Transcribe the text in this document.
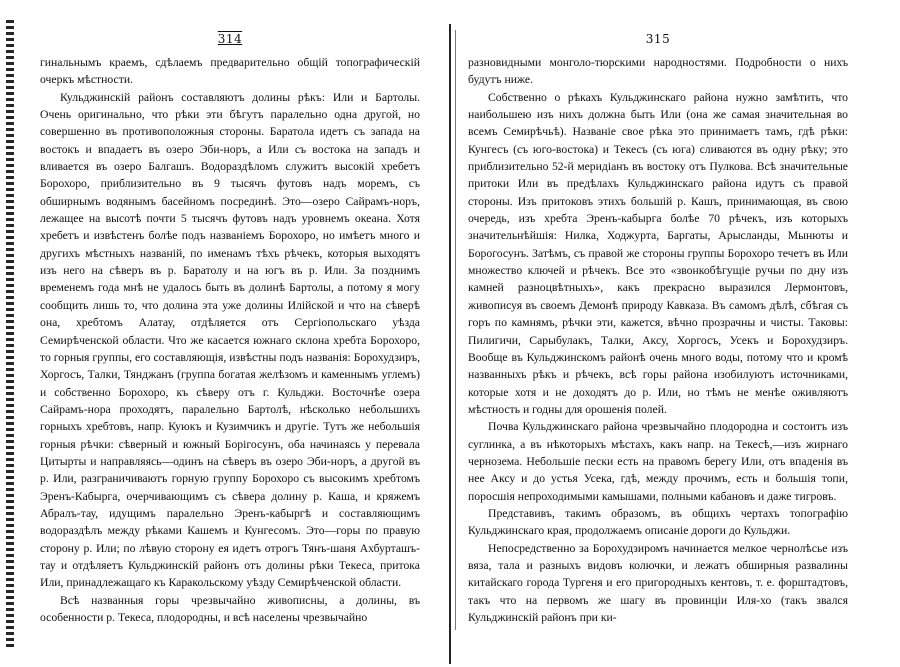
314

гинальнымъ краемъ, сдѣлаемъ предварительно общій топографическій очеркъ мѣстности.

Кульджинскій районъ составляютъ долины рѣкъ: Или и Бартолы. Очень оригинально, что рѣки эти бѣгутъ паралельно одна другой, но совершенно въ противоположныя стороны. Баратола идетъ съ запада на востокъ и впадаетъ въ озеро Эби-норъ, а Или съ востока на западъ и вливается въ озеро Балгашъ. Водораздѣломъ служитъ высокій хребетъ Борохоро, приблизительно въ 9 тысячъ футовъ надъ моремъ, съ обширнымъ водянымъ басейномъ посрединѣ. Это—озеро Сайрамъ-норъ, лежащее на высотѣ почти 5 тысячъ футовъ надъ уровнемъ океана. Хотя хребетъ и извѣстенъ болѣе подъ названіемъ Борохоро, но имѣетъ много и другихъ мѣстныхъ названій, по именамъ тѣхъ рѣчекъ, которыя выходятъ изъ него на сѣверъ въ р. Баратолу и на югъ въ р. Или. За позднимъ временемъ года мнѣ не удалось быть въ долинѣ Бартолы, а потому я могу сообщить лишь то, что долина эта уже долины Илійской и что на сѣверѣ она, хребтомъ Алатау, отдѣляется отъ Сергіопольскаго уѣзда Семирѣченской области. Что же касается южнаго склона хребта Борохоро, то горныя группы, его составляющія, извѣстны подъ названія: Борохудзиръ, Хоргосъ, Талки, Тянджанъ (группа богатая желѣзомъ и каменнымъ углемъ) и собственно Борохоро, къ сѣверу отъ г. Кульджи. Восточнѣе озера Сайрамъ-нора проходятъ, паралельно Бартолѣ, нѣсколько небольшихъ горныхъ хребтовъ, напр. Куюкъ и Кузимчикъ и другіе. Тутъ же небольшія горныя рѣчки: сѣверный и южный Борігосунъ, оба начинаясь у перевала Цитырты и направляясь—одинъ на сѣверъ въ озеро Эби-норъ, а другой въ р. Или, разграничиваютъ горную группу Борохоро съ высокимъ хребтомъ Эренъ-Кабырга, очерчивающимъ съ сѣвера долину р. Каша, и кряжемъ Абралъ-тау, идущимъ паралельно Эренъ-кабыргѣ и составляющимъ водораздѣлъ между рѣками Кашемъ и Кунгесомъ. Это—горы по правую сторону р. Или; по лѣвую сторону ея идетъ отрогъ Тянъ-шаня Ахбурташъ-тау и отдѣляетъ Кульджинскій районъ отъ долины рѣки Текеса, притока Или, принадлежащаго къ Каракольскому уѣзду Семирѣченской области.

Всѣ названныя горы чрезвычайно живописны, а долины, въ особенности р. Текеса, плодородны, и всѣ населены чрезвычайно

315

разновидными монголо-тюрскими народностями. Подробности о нихъ будутъ ниже.

Собственно о рѣкахъ Кульджинскаго района нужно замѣтить, что наибольшею изъ нихъ должна быть Или (она же самая значительная во всемъ Семирѣчьѣ). Названіе свое рѣка это принимаетъ тамъ, гдѣ рѣки: Кунгесъ (съ юго-востока) и Текесъ (съ юга) сливаются въ одну рѣку; это приблизительно 52-й меридіанъ въ востоку отъ Пулкова. Всѣ значительные притоки Или въ предѣлахъ Кульджинскаго района идутъ съ правой стороны. Изъ притоковъ этихъ большій р. Кашъ, принимающая, въ свою очередь, изъ хребта Эренъ-кабырга болѣе 70 рѣчекъ, изъ которыхъ значительнѣйшія: Нилка, Ходжурта, Баргаты, Арысланды, Мынюты и Борогосунъ. Затѣмъ, съ правой же стороны группы Борохоро течетъ въ Или множество ключей и рѣчекъ. Все это «звонкобѣгущіе ручьи по дну изъ камней разноцвѣтныхъ», какъ прекрасно выразился Лермонтовъ, живописуя въ своемъ Демонѣ природу Кавказа. Въ самомъ дѣлѣ, сбѣгая съ горъ по камнямъ, рѣчки эти, кажется, вѣчно прозрачны и чисты. Таковы: Пилигичи, Сарыбулакъ, Талки, Аксу, Хоргосъ, Усекъ и Борохудзиръ. Вообще въ Кульджинскомъ районѣ очень много воды, потому что и кромѣ названныхъ рѣкъ и рѣчекъ, всѣ горы района изобилуютъ источниками, которые хотя и не доходятъ до р. Или, но тѣмъ не менѣе оживляютъ мѣстность и годны для орошенія полей.

Почва Кульджинскаго района чрезвычайно плодородна и состоитъ изъ суглинка, а въ нѣкоторыхъ мѣстахъ, какъ напр. на Текесѣ,—изъ жирнаго чернозема. Небольшіе пески есть на правомъ берегу Или, отъ впаденія въ нее Аксу и до устья Усека, гдѣ, между прочимъ, есть и большія топи, поросшія непроходимыми камышами, полными кабановъ и даже тигровъ.

Представивъ, такимъ образомъ, въ общихъ чертахъ топографію Кульджинскаго края, продолжаемъ описаніе дороги до Кульджи.

Непосредственно за Борохудзиромъ начинается мелкое чернолѣсье изъ вяза, тала и разныхъ видовъ колючки, и лежатъ обширныя развалины китайскаго города Тургеня и его пригородныхъ кентовъ, т. е. форштадтовъ, такъ что на первомъ же шагу въ провинціи Иля-хо (такъ звался Кульджинскій районъ при ки-
